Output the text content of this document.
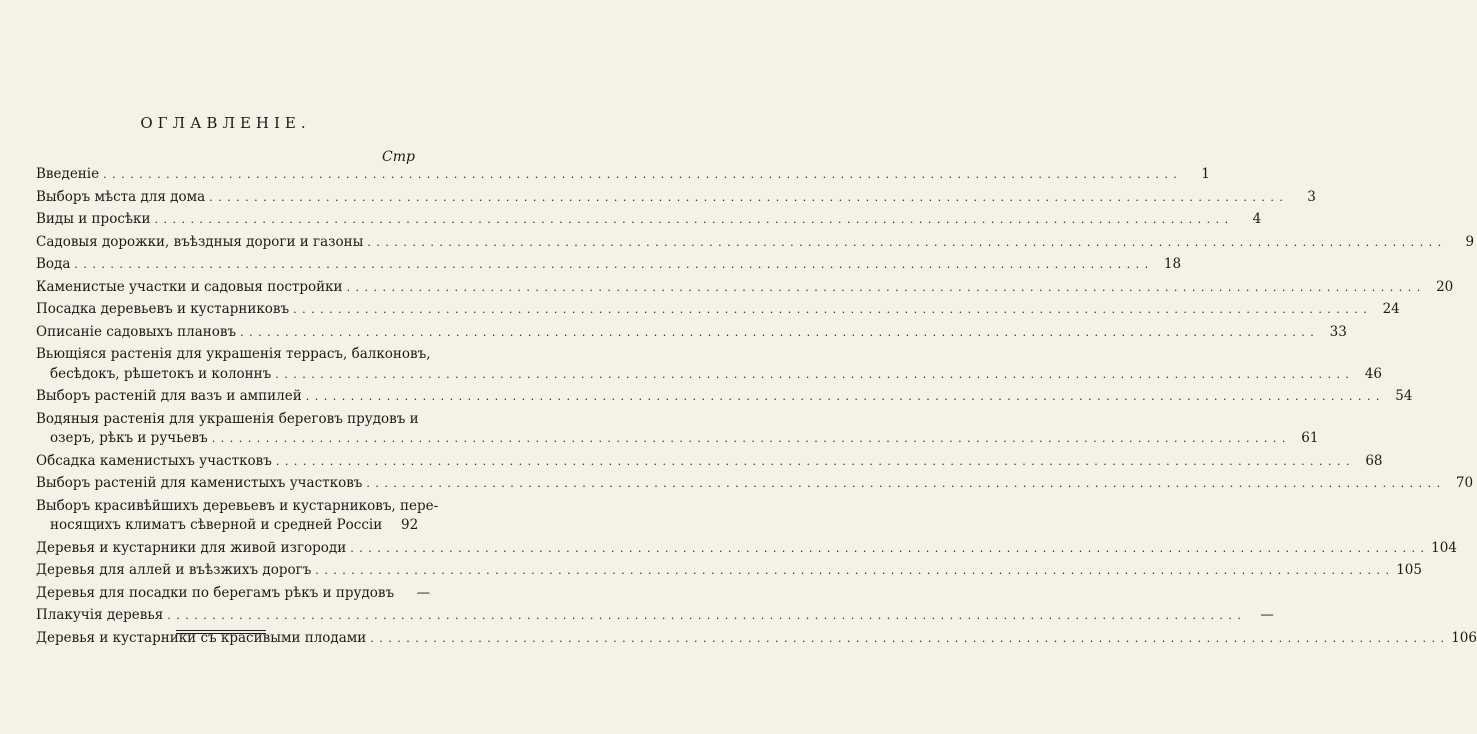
ОГЛАВЛЕНІЕ.
Стр
Введеніе . . . . . . . . . . . . . . . . . . . . . . . . . . . . . . . . . . . . . . . . . . . . . . . . . . . . . . . . . . . . . . . . . . . . . . . . . . . . . . . . . . . . . . . . . . . . . . . . . . . . . . . . . . . . . . . . . . . . . . . .	1
Выборъ мѣста для дома . . . . . . . . . . . . . . . . . . . . . . . . . . . . . . . . . . . . . . . . . . . . . . . . . . . . . . . . . . . . . . . . . . . . . . . . . . . . . . . . . . . . . . . . . . . . . . . . . . . . . . . . . . . . . . . . . . . . . . . .	3
Виды и просѣки . . . . . . . . . . . . . . . . . . . . . . . . . . . . . . . . . . . . . . . . . . . . . . . . . . . . . . . . . . . . . . . . . . . . . . . . . . . . . . . . . . . . . . . . . . . . . . . . . . . . . . . . . . . . . . . . . . . . . . . .	4
Садовыя дорожки, въѣздныя дороги и газоны . . . . . . . . . . . . . . . . . . . . . . . . . . . . . . . . . . . . . . . . . . . . . . . . . . . . . . . . . . . . . . . . . . . . . . . . . . . . . . . . . . . . . . . . . . . . . . . . . . . . . . . . . . . . . . . . . . . . . . . .	9
Вода . . . . . . . . . . . . . . . . . . . . . . . . . . . . . . . . . . . . . . . . . . . . . . . . . . . . . . . . . . . . . . . . . . . . . . . . . . . . . . . . . . . . . . . . . . . . . . . . . . . . . . . . . . . . . . . . . . . . . . . .	18
Каменистые участки и садовыя постройки . . . . . . . . . . . . . . . . . . . . . . . . . . . . . . . . . . . . . . . . . . . . . . . . . . . . . . . . . . . . . . . . . . . . . . . . . . . . . . . . . . . . . . . . . . . . . . . . . . . . . . . . . . . . . . . . . . . . . . . .	20
Посадка деревьевъ и кустарниковъ . . . . . . . . . . . . . . . . . . . . . . . . . . . . . . . . . . . . . . . . . . . . . . . . . . . . . . . . . . . . . . . . . . . . . . . . . . . . . . . . . . . . . . . . . . . . . . . . . . . . . . . . . . . . . . . . . . . . . . . .	24
Описаніе садовыхъ плановъ . . . . . . . . . . . . . . . . . . . . . . . . . . . . . . . . . . . . . . . . . . . . . . . . . . . . . . . . . . . . . . . . . . . . . . . . . . . . . . . . . . . . . . . . . . . . . . . . . . . . . . . . . . . . . . . . . . . . . . . .	33
Вьющіяся растенія для украшенія террасъ, балконовъ,
бесѣдокъ, рѣшетокъ и колоннъ . . . . . . . . . . . . . . . . . . . . . . . . . . . . . . . . . . . . . . . . . . . . . . . . . . . . . . . . . . . . . . . . . . . . . . . . . . . . . . . . . . . . . . . . . . . . . . . . . . . . . . . . . . . . . . . . . . . . . . . .	46
Выборъ растеній для вазъ и ампилей . . . . . . . . . . . . . . . . . . . . . . . . . . . . . . . . . . . . . . . . . . . . . . . . . . . . . . . . . . . . . . . . . . . . . . . . . . . . . . . . . . . . . . . . . . . . . . . . . . . . . . . . . . . . . . . . . . . . . . . .	54
Водяныя растенія для украшенія береговъ прудовъ и
озеръ, рѣкъ и ручьевъ . . . . . . . . . . . . . . . . . . . . . . . . . . . . . . . . . . . . . . . . . . . . . . . . . . . . . . . . . . . . . . . . . . . . . . . . . . . . . . . . . . . . . . . . . . . . . . . . . . . . . . . . . . . . . . . . . . . . . . . .	61
Обсадка каменистыхъ участковъ . . . . . . . . . . . . . . . . . . . . . . . . . . . . . . . . . . . . . . . . . . . . . . . . . . . . . . . . . . . . . . . . . . . . . . . . . . . . . . . . . . . . . . . . . . . . . . . . . . . . . . . . . . . . . . . . . . . . . . . .	68
Выборъ растеній для каменистыхъ участковъ . . . . . . . . . . . . . . . . . . . . . . . . . . . . . . . . . . . . . . . . . . . . . . . . . . . . . . . . . . . . . . . . . . . . . . . . . . . . . . . . . . . . . . . . . . . . . . . . . . . . . . . . . . . . . . . . . . . . . . . .	70
Выборъ красивѣйшихъ деревьевъ и кустарниковъ, пере-
носящихъ климатъ сѣверной и средней Россіи	92
Деревья и кустарники для живой изгороди . . . . . . . . . . . . . . . . . . . . . . . . . . . . . . . . . . . . . . . . . . . . . . . . . . . . . . . . . . . . . . . . . . . . . . . . . . . . . . . . . . . . . . . . . . . . . . . . . . . . . . . . . . . . . . . . . . . . . . . . 104
Деревья для аллей и въѣзжихъ дорогъ . . . . . . . . . . . . . . . . . . . . . . . . . . . . . . . . . . . . . . . . . . . . . . . . . . . . . . . . . . . . . . . . . . . . . . . . . . . . . . . . . . . . . . . . . . . . . . . . . . . . . . . . . . . . . . . . . . . . . . . . 105
Деревья для посадки по берегамъ рѣкъ и прудовъ	—
Плакучія деревья . . . . . . . . . . . . . . . . . . . . . . . . . . . . . . . . . . . . . . . . . . . . . . . . . . . . . . . . . . . . . . . . . . . . . . . . . . . . . . . . . . . . . . . . . . . . . . . . . . . . . . . . . . . . . . . . . . . . . . . .	—
Деревья и кустарники съ красивыми плодами . . . . . . . . . . . . . . . . . . . . . . . . . . . . . . . . . . . . . . . . . . . . . . . . . . . . . . . . . . . . . . . . . . . . . . . . . . . . . . . . . . . . . . . . . . . . . . . . . . . . . . . . . . . . . . . . . . . . . . . . 106
